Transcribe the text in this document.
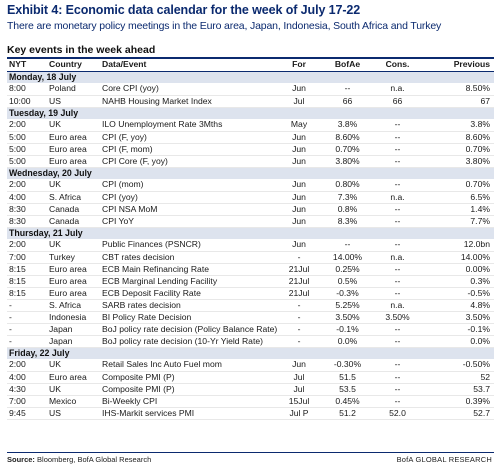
Exhibit 4: Economic data calendar for the week of July 17-22
There are monetary policy meetings in the Euro area, Japan, Indonesia, South Africa and Turkey
Key events in the week ahead
NYT	Country	Data/Event	For	BofAe	Cons.	Previous
Monday, 18 July						
8:00	Poland	Core CPI (yoy)	Jun	--	n.a.	8.50%
10:00	US	NAHB Housing Market Index	Jul	66	66	67
Tuesday, 19 July						
2:00	UK	ILO Unemployment Rate 3Mths	May	3.8%	--	3.8%
5:00	Euro area	CPI (F, yoy)	Jun	8.60%	--	8.60%
5:00	Euro area	CPI (F, mom)	Jun	0.70%	--	0.70%
5:00	Euro area	CPI Core (F, yoy)	Jun	3.80%	--	3.80%
Wednesday, 20 July						
2:00	UK	CPI (mom)	Jun	0.80%	--	0.70%
4:00	S. Africa	CPI (yoy)	Jun	7.3%	n.a.	6.5%
8:30	Canada	CPI NSA MoM	Jun	0.8%	--	1.4%
8:30	Canada	CPI YoY	Jun	8.3%	--	7.7%
Thursday, 21 July						
2:00	UK	Public Finances (PSNCR)	Jun	--	--	12.0bn
7:00	Turkey	CBT rates decision	-	14.00%	n.a.	14.00%
8:15	Euro area	ECB Main Refinancing Rate	21Jul	0.25%	--	0.00%
8:15	Euro area	ECB Marginal Lending Facility	21Jul	0.5%	--	0.3%
8:15	Euro area	ECB Deposit Facility Rate	21Jul	-0.3%	--	-0.5%
-	S. Africa	SARB rates decision	-	5.25%	n.a.	4.8%
-	Indonesia	BI Policy Rate Decision	-	3.50%	3.50%	3.50%
-	Japan	BoJ policy rate decision (Policy Balance Rate)	-	-0.1%	--	-0.1%
-	Japan	BoJ policy rate decision (10-Yr Yield Rate)	-	0.0%	--	0.0%
Friday, 22 July						
2:00	UK	Retail Sales Inc Auto Fuel mom	Jun	-0.30%	--	-0.50%
4:00	Euro area	Composite PMI (P)	Jul	51.5	--	52
4:30	UK	Composite PMI (P)	Jul	53.5	--	53.7
7:00	Mexico	Bi-Weekly CPI	15Jul	0.45%	--	0.39%
9:45	US	IHS-Markit services PMI	Jul P	51.2	52.0	52.7
Source: Bloomberg, BofA Global Research	BofA GLOBAL RESEARCH
